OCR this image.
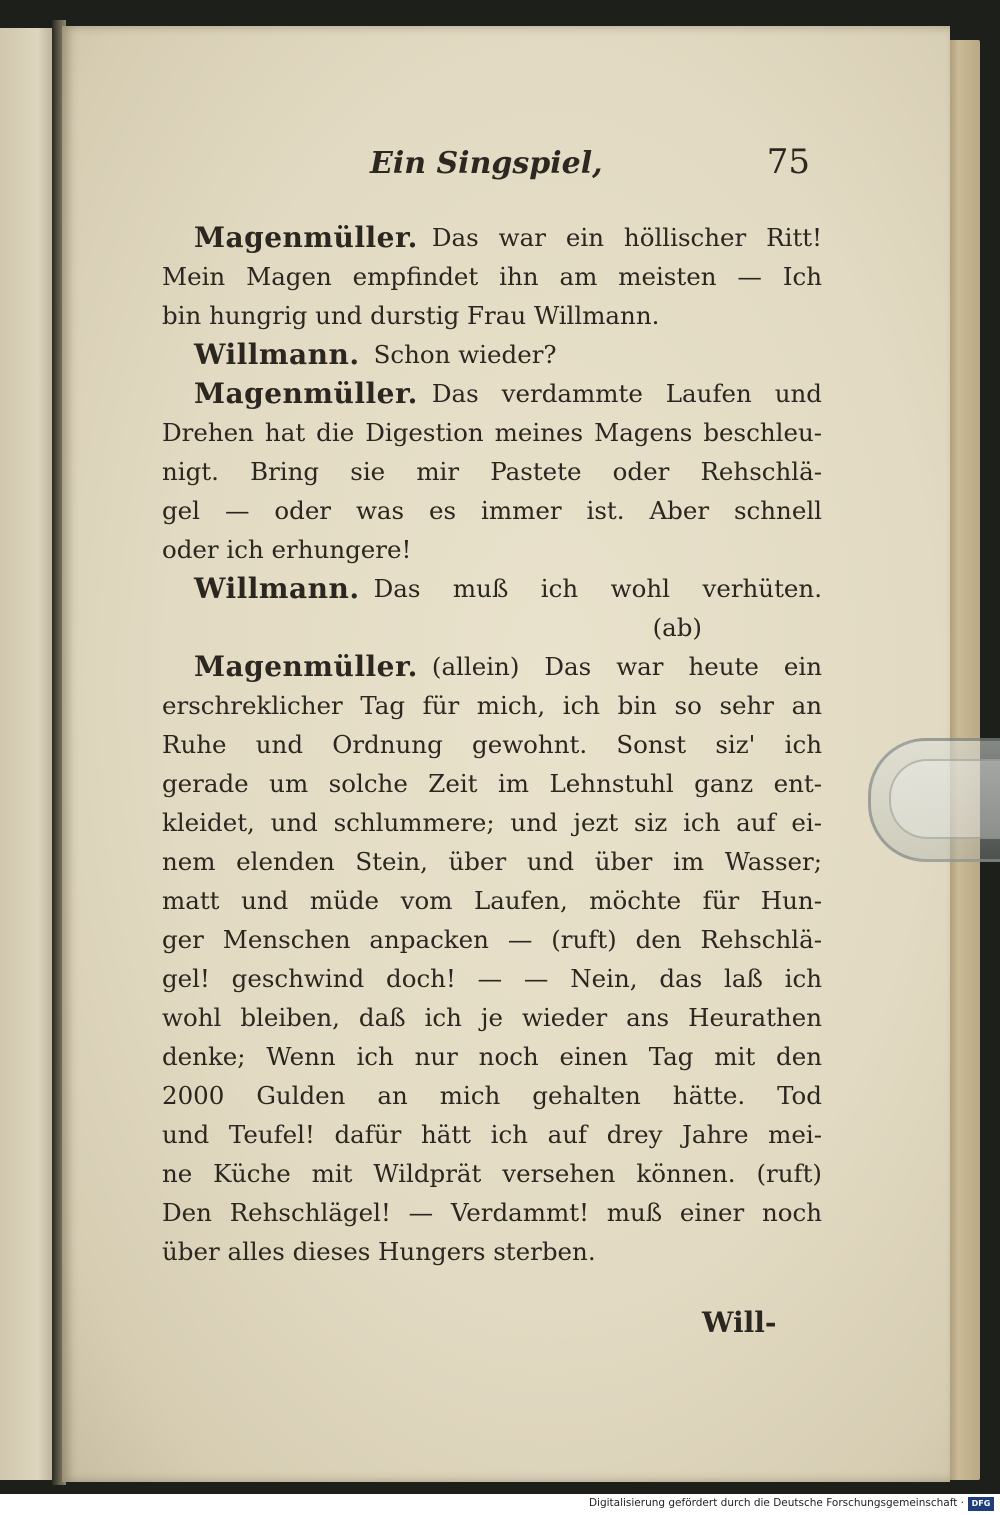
Ein Singspiel,	75
Magenmüller. Das war ein höllischer Ritt!
Mein Magen empfindet ihn am meisten — Ich
bin hungrig und durstig Frau Willmann.
Willmann. Schon wieder?
Magenmüller. Das verdammte Laufen und
Drehen hat die Digestion meines Magens beschleu-
nigt. Bring sie mir Pastete oder Rehschlä-
gel — oder was es immer ist. Aber schnell
oder ich erhungere!
Willmann. Das muß ich wohl verhüten.
(ab)
Magenmüller. (allein) Das war heute ein
erschreklicher Tag für mich, ich bin so sehr an
Ruhe und Ordnung gewohnt. Sonst siz' ich
gerade um solche Zeit im Lehnstuhl ganz ent-
kleidet, und schlummere; und jezt siz ich auf ei-
nem elenden Stein, über und über im Wasser;
matt und müde vom Laufen, möchte für Hun-
ger Menschen anpacken — (ruft) den Rehschlä-
gel! geschwind doch! — — Nein, das laß ich
wohl bleiben, daß ich je wieder ans Heurathen
denke; Wenn ich nur noch einen Tag mit den
2000 Gulden an mich gehalten hätte. Tod
und Teufel! dafür hätt ich auf drey Jahre mei-
ne Küche mit Wildprät versehen können. (ruft)
Den Rehschlägel! — Verdammt! muß einer noch
über alles dieses Hungers sterben.
Will-
Digitalisierung gefördert durch die Deutsche Forschungsgemeinschaft · DFG
